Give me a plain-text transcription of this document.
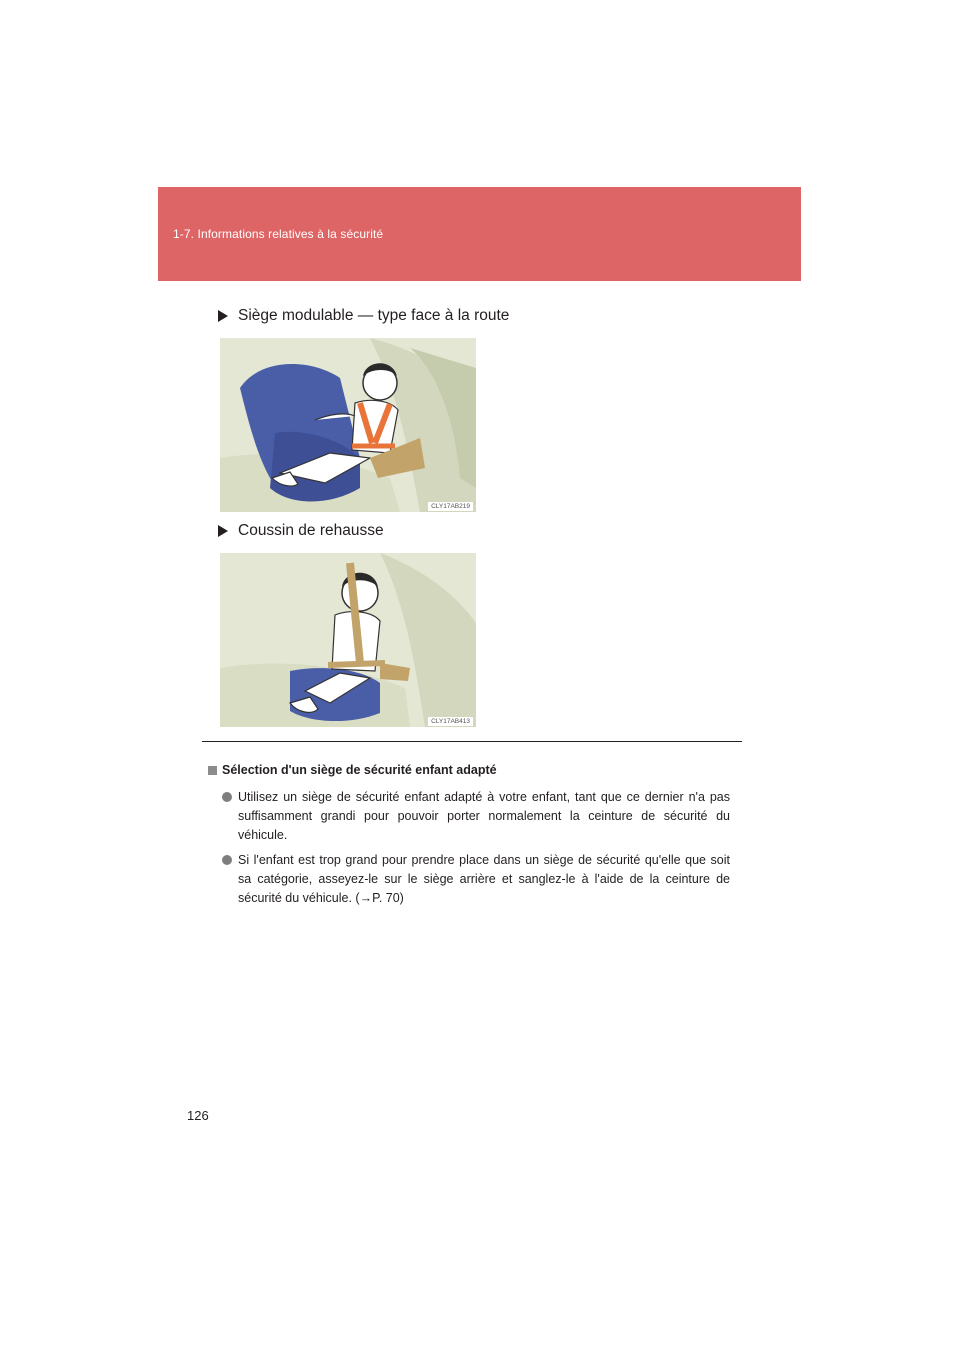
1-7. Informations relatives à la sécurité
Siège modulable — type face à la route
CLY17AB219
Coussin de rehausse
CLY17AB413
Sélection d'un siège de sécurité enfant adapté
Utilisez un siège de sécurité enfant adapté à votre enfant, tant que ce dernier n'a pas suffisamment grandi pour pouvoir porter normalement la ceinture de sécurité du véhicule.
Si l'enfant est trop grand pour prendre place dans un siège de sécurité qu'elle que soit sa catégorie, asseyez-le sur le siège arrière et sanglez-le à l'aide de la ceinture de sécurité du véhicule. (→P. 70)
126
